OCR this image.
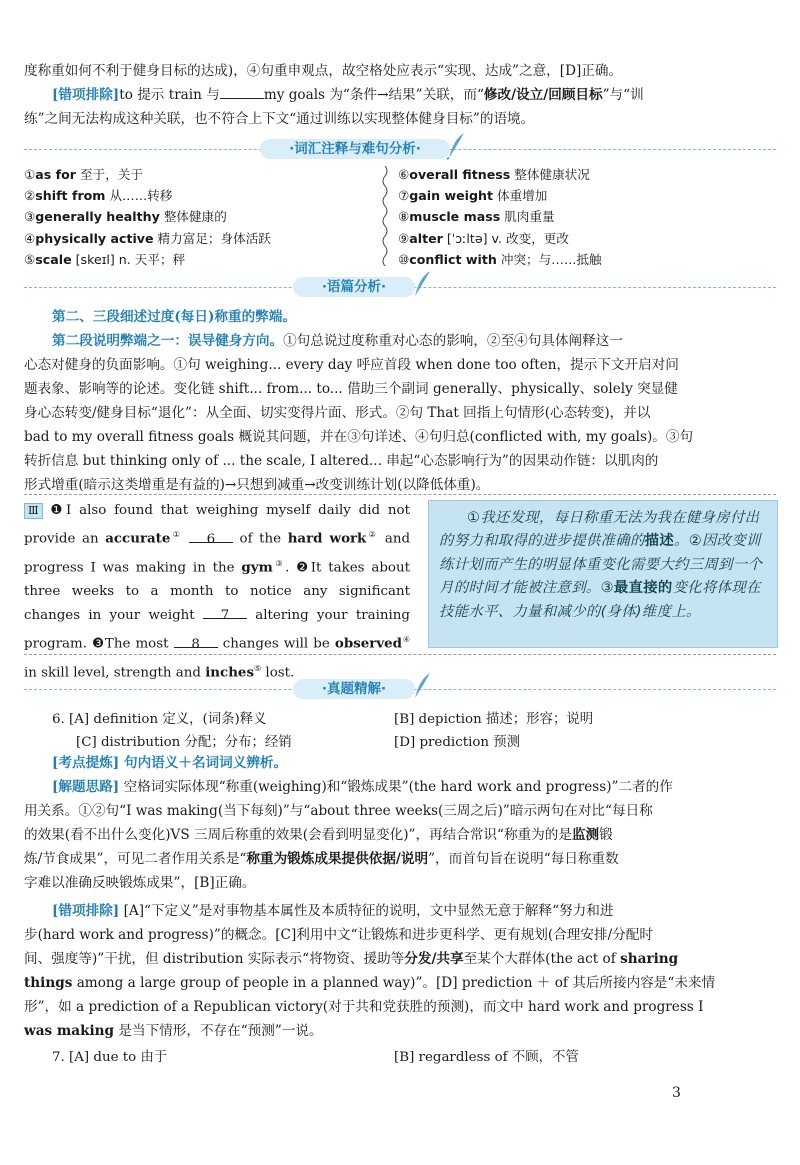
度称重如何不利于健身目标的达成)，④句重申观点，故空格处应表示“实现、达成”之意，[D]正确。

[错项排除]to 提示 train 与	my goals 为“条件→结果”关联，而“修改/设立/回顾目标”与“训

练”之间无法构成这种关联，也不符合上下文“通过训练以实现整体健身目标”的语境。

·词汇注释与难句分析·
①as for 至于，关于
②shift from 从……转移
③generally healthy 整体健康的
④physically active 精力富足；身体活跃
⑤scale [skeɪl] n. 天平；秤
⑥overall fitness 整体健康状况
⑦gain weight 体重增加
⑧muscle mass 肌肉重量
⑨alter [ˈɔːltə] v. 改变，更改
⑩conflict with 冲突；与……抵触
·语篇分析·

第二、三段细述过度(每日)称重的弊端。

第二段说明弊端之一：误导健身方向。①句总说过度称重对心态的影响，②至④句具体阐释这一

心态对健身的负面影响。①句 weighing... every day 呼应首段 when done too often，提示下文开启对问

题表象、影响等的论述。变化链 shift... from... to... 借助三个副词 generally、physically、solely 突显健

身心态转变/健身目标“退化”：从全面、切实变得片面、形式。②句 That 回指上句情形(心态转变)，并以

bad to my overall fitness goals 概说其问题，并在③句详述、④句归总(conflicted with, my goals)。③句

转折信息 but thinking only of ... the scale, I altered... 串起“心态影响行为”的因果动作链：以肌肉的

形式增重(暗示这类增重是有益的)→只想到减重→改变训练计划(以降低体重)。

Ⅲ ❶I also found that weighing myself daily did not provide an accurate① 6 of the hard work② and progress I was making in the gym③. ❷It takes about three weeks to a month to notice any significant changes in your weight 7 altering your training program. ❸The most 8 changes will be observed④ in skill level, strength and inches⑤ lost.
①我还发现，每日称重无法为我在健身房付出的努力和取得的进步提供准确的描述。②因改变训练计划而产生的明显体重变化需要大约三周到一个月的时间才能被注意到。③最直接的变化将体现在技能水平、力量和减少的(身体)维度上。
·真题精解·
6. [A] definition 定义，(词条)释义	[B] depiction 描述；形容；说明
[C] distribution 分配；分布；经销	[D] prediction 预测

[考点提炼] 句内语义＋名词词义辨析。

[解题思路] 空格词实际体现“称重(weighing)和“锻炼成果”(the hard work and progress)”二者的作

用关系。①②句“I was making(当下每刻)”与“about three weeks(三周之后)”暗示两句在对比“每日称

的效果(看不出什么变化)VS 三周后称重的效果(会看到明显变化)”，再结合常识“称重为的是监测锻

炼/节食成果”，可见二者作用关系是“称重为锻炼成果提供依据/说明”，而首句旨在说明“每日称重数

字难以准确反映锻炼成果”，[B]正确。

[错项排除] [A]“下定义”是对事物基本属性及本质特征的说明，文中显然无意于解释“努力和进

步(hard work and progress)”的概念。[C]利用中文“让锻炼和进步更科学、更有规划(合理安排/分配时

间、强度等)”干扰，但 distribution 实际表示“将物资、援助等分发/共享至某个大群体(the act of sharing

things among a large group of people in a planned way)”。[D] prediction ＋ of 其后所接内容是“未来情

形”，如 a prediction of a Republican victory(对于共和党获胜的预测)，而文中 hard work and progress I

was making 是当下情形，不存在“预测”一说。

7. [A] due to 由于	[B] regardless of 不顾，不管
3
